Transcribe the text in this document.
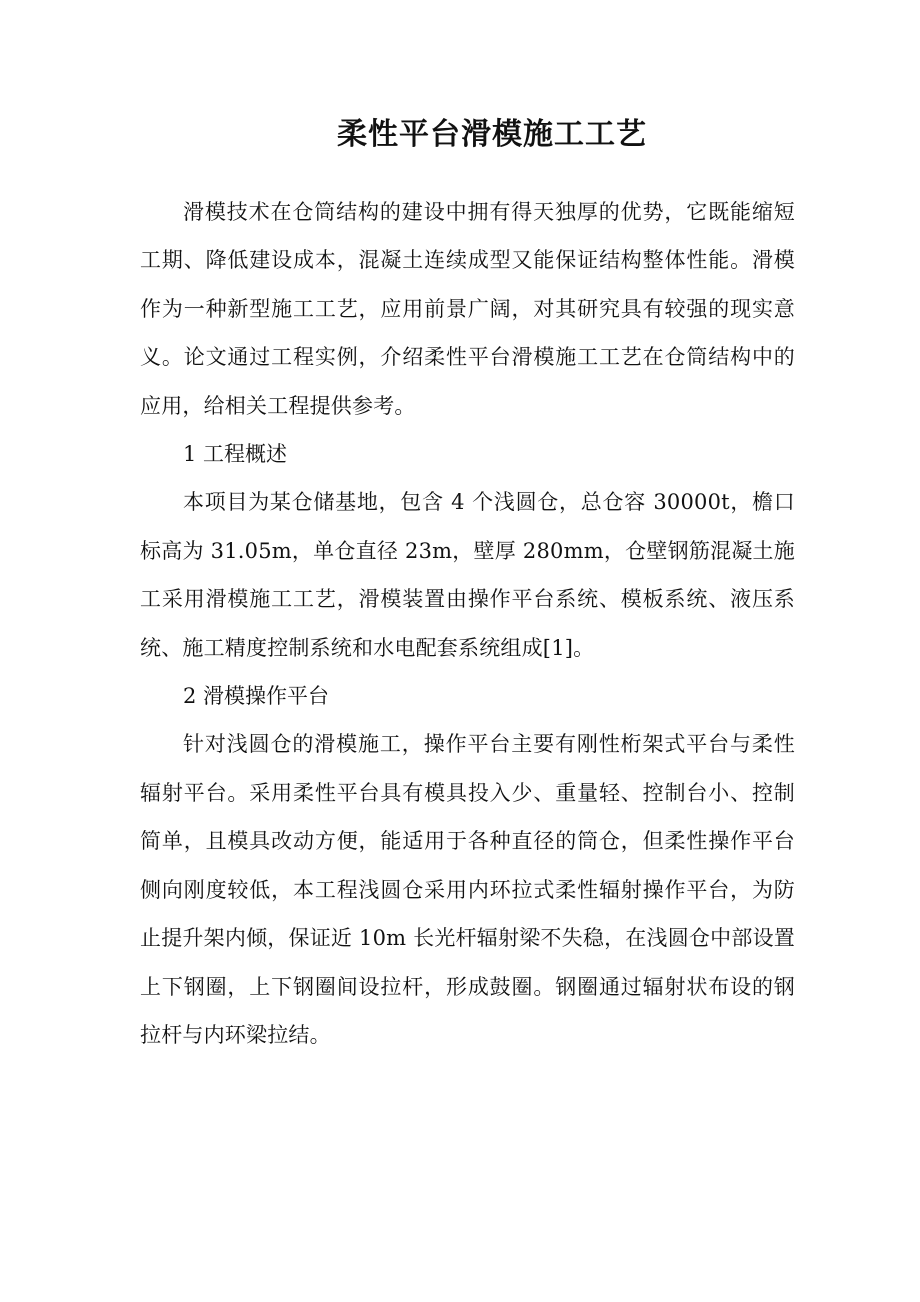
柔性平台滑模施工工艺

滑模技术在仓筒结构的建设中拥有得天独厚的优势，它既能缩短工期、降低建设成本，混凝土连续成型又能保证结构整体性能。滑模作为一种新型施工工艺，应用前景广阔，对其研究具有较强的现实意义。论文通过工程实例，介绍柔性平台滑模施工工艺在仓筒结构中的应用，给相关工程提供参考。

1 工程概述

本项目为某仓储基地，包含 4 个浅圆仓，总仓容 30000t，檐口标高为 31.05m，单仓直径 23m，壁厚 280mm，仓壁钢筋混凝土施工采用滑模施工工艺，滑模装置由操作平台系统、模板系统、液压系统、施工精度控制系统和水电配套系统组成[1]。

2 滑模操作平台

针对浅圆仓的滑模施工，操作平台主要有刚性桁架式平台与柔性辐射平台。采用柔性平台具有模具投入少、重量轻、控制台小、控制简单，且模具改动方便，能适用于各种直径的筒仓，但柔性操作平台侧向刚度较低，本工程浅圆仓采用内环拉式柔性辐射操作平台，为防止提升架内倾，保证近 10m 长光杆辐射梁不失稳，在浅圆仓中部设置上下钢圈，上下钢圈间设拉杆，形成鼓圈。钢圈通过辐射状布设的钢拉杆与内环梁拉结。
